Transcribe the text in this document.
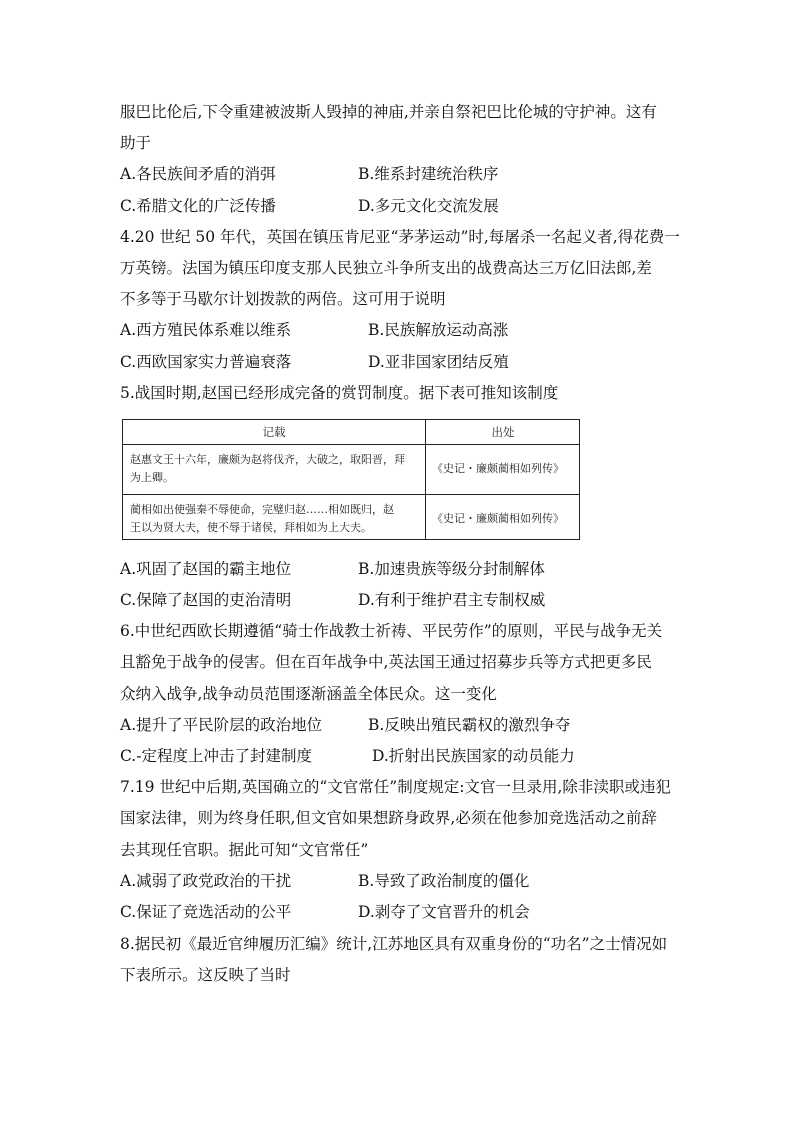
服巴比伦后,下令重建被波斯人毁掉的神庙,并亲自祭祀巴比伦城的守护神。这有
助于
A.各民族间矛盾的消弭	B.维系封建统治秩序
C.希腊文化的广泛传播	D.多元文化交流发展
4.20 世纪 50 年代，英国在镇压肯尼亚“茅茅运动”时,每屠杀一名起义者,得花费一
万英镑。法国为镇压印度支那人民独立斗争所支出的战费高达三万亿旧法郎,差
不多等于马歇尔计划拨款的两倍。这可用于说明
A.西方殖民体系难以维系	B.民族解放运动高涨
C.西欧国家实力普遍衰落	D.亚非国家团结反殖
5.战国时期,赵国已经形成完备的赏罚制度。据下表可推知该制度
记载	出处
赵惠文王十六年，廉颇为赵将伐齐，大破之，取阳晋，拜
为上卿。
《史记・廉颇蔺相如列传》
蔺相如出使强秦不辱使命，完璧归赵……相如既归，赵
王以为贤大夫，使不辱于诸侯，拜相如为上大夫。
《史记・廉颇蔺相如列传》
A.巩固了赵国的霸主地位	B.加速贵族等级分封制解体
C.保障了赵国的吏治清明	D.有利于维护君主专制权威
6.中世纪西欧长期遵循“骑士作战教士祈祷、平民劳作”的原则，平民与战争无关
且豁免于战争的侵害。但在百年战争中,英法国王通过招募步兵等方式把更多民
众纳入战争,战争动员范围逐渐涵盖全体民众。这一变化
A.提升了平民阶层的政治地位	B.反映出殖民霸权的激烈争夺
C.-定程度上冲击了封建制度	D.折射出民族国家的动员能力
7.19 世纪中后期,英国确立的“文官常任”制度规定:文官一旦录用,除非渎职或违犯
国家法律，则为终身任职,但文官如果想跻身政界,必须在他参加竞选活动之前辞
去其现任官职。据此可知“文官常任”
A.减弱了政党政治的干扰	B.导致了政治制度的僵化
C.保证了竞选活动的公平	D.剥夺了文官晋升的机会
8.据民初《最近官绅履历汇编》统计,江苏地区具有双重身份的“功名”之士情况如
下表所示。这反映了当时
